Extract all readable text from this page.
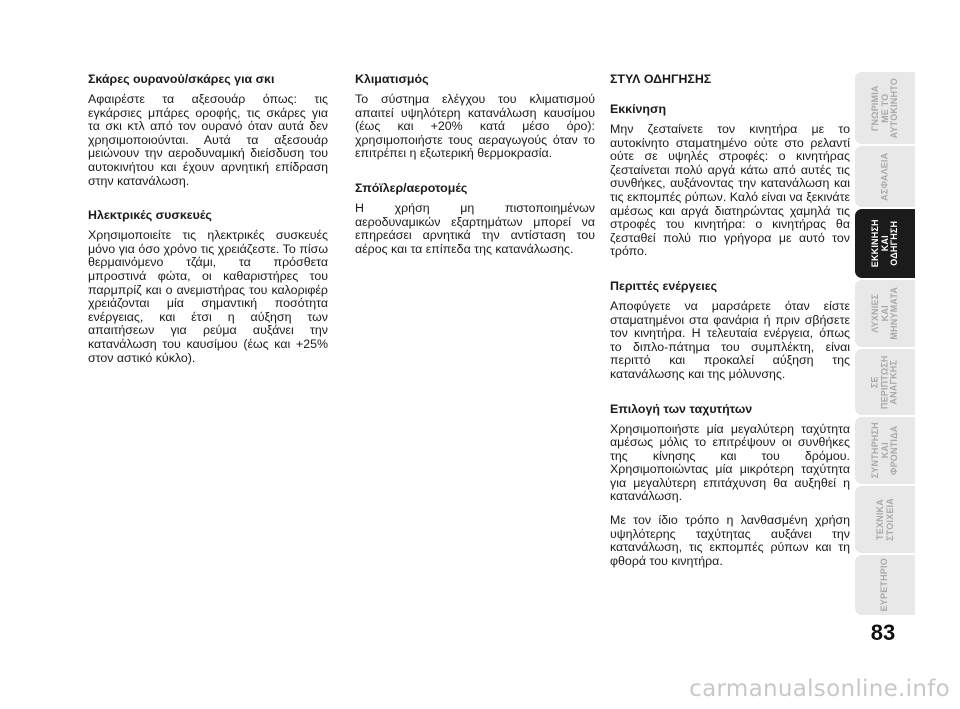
Σκάρες ουρανού/σκάρες για σκι

Αφαιρέστε τα αξεσουάρ όπως: τις εγκάρσιες μπάρες οροφής, τις σκάρες για τα σκι κτλ από τον ουρανό όταν αυτά δεν χρησιμοποιούνται. Αυτά τα αξεσουάρ μειώνουν την αεροδυναμική διείσδυση του αυτοκινήτου και έχουν αρνητική επίδραση στην κατανάλωση.

Ηλεκτρικές συσκευές

Χρησιμοποιείτε τις ηλεκτρικές συσκευές μόνο για όσο χρόνο τις χρειάζεστε. Το πίσω θερμαινόμενο τζάμι, τα πρόσθετα μπροστινά φώτα, οι καθαριστήρες του παρμπρίζ και ο ανεμιστήρας του καλοριφέρ χρειάζονται μία σημαντική ποσότητα ενέργειας, και έτσι η αύξηση των απαιτήσεων για ρεύμα αυξάνει την κατανάλωση του καυσίμου (έως και +25% στον αστικό κύκλο).

Κλιματισμός

Το σύστημα ελέγχου του κλιματισμού απαιτεί υψηλότερη κατανάλωση καυσίμου (έως και +20% κατά μέσο όρο): χρησιμοποιήστε τους αεραγωγούς όταν το επιτρέπει η εξωτερική θερμοκρασία.

Σπόϊλερ/αεροτομές

Η χρήση μη πιστοποιημένων αεροδυναμικών εξαρτημάτων μπορεί να επηρεάσει αρνητικά την αντίσταση του αέρος και τα επίπεδα της κατανάλωσης.

ΣΤΥΛ ΟΔΗΓΗΣΗΣ
Εκκίνηση

Μην ζεσταίνετε τον κινητήρα με το αυτοκίνητο σταματημένο ούτε στο ρελαντί ούτε σε υψηλές στροφές: ο κινητήρας ζεσταίνεται πολύ αργά κάτω από αυτές τις συνθήκες, αυξάνοντας την κατανάλωση και τις εκπομπές ρύπων. Καλό είναι να ξεκινάτε αμέσως και αργά διατηρώντας χαμηλά τις στροφές του κινητήρα: ο κινητήρας θα ζεσταθεί πολύ πιο γρήγορα με αυτό τον τρόπο.

Περιττές ενέργειες

Αποφύγετε να μαρσάρετε όταν είστε σταματημένοι στα φανάρια ή πριν σβήσετε τον κινητήρα. Η τελευταία ενέργεια, όπως το διπλο-πάτημα του συμπλέκτη, είναι περιττό και προκαλεί αύξηση της κατανάλωσης και της μόλυνσης.

Επιλογή των ταχυτήτων

Χρησιμοποιήστε μία μεγαλύτερη ταχύτητα αμέσως μόλις το επιτρέψουν οι συνθήκες της κίνησης και του δρόμου. Χρησιμοποιώντας μία μικρότερη ταχύτητα για μεγαλύτερη επιτάχυνση θα αυξηθεί η κατανάλωση.

Με τον ίδιο τρόπο η λανθασμένη χρήση υψηλότερης ταχύτητας αυξάνει την κατανάλωση, τις εκπομπές ρύπων και τη φθορά του κινητήρα.

ΓΝΩΡΙΜΙΑ
ΜΕ ΤΟ
ΑΥΤΟΚΙΝΗΤΟ
ΑΣΦΑΛΕΙΑ
ΕΚΚΙΝΗΣΗ
ΚΑΙ
ΟΔΗΓΗΣΗ
ΛΥΧΝΙΕΣ
ΚΑΙ
ΜΗΝΥΜΑΤΑ
ΣΕ
ΠΕΡΙΠΤΩΣΗ
ΑΝΑΓΚΗΣ
ΣΥΝΤΗΡΗΣΗ
ΚΑΙ
ΦΡΟΝΤΙΔΑ
ΤΕΧΝΙΚΑ
ΣΤΟΙΧΕΙΑ
ΕΥΡΕΤΗΡΙΟ
83
carmanualsonline.info
